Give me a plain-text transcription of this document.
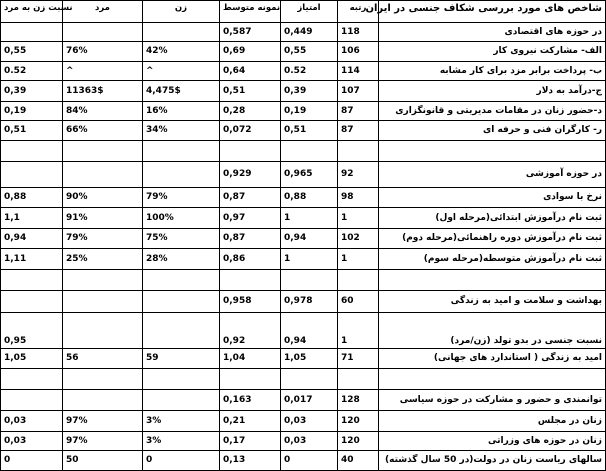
نسبت زن به مرد	مرد	زن	نمونه متوسط	امتیاز	رتبه	شاخص های مورد بررسی شکاف جنسی در ایران
			0,587	0,449	118	در حوزه های اقتصادی
0,55	76%	42%	0,69	0,55	106	الف- مشارکت نیروی کار
0.52	^	^	0,64	0.52	114	ب- پرداخت برابر مزد برای کار مشابه
0,39	11363$	4,475$	0,51	0,39	107	ج-درآمد به دلار
0,19	84%	16%	0,28	0,19	87	د-حضور زنان در مقامات مدیریتی و قانونگزاری
0,51	66%	34%	0,072	0,51	87	ر- کارگران فنی و حرفه ای

			0,929	0,965	92	در حوزه آموزشی
0,88	90%	79%	0,87	0,88	98	نرخ با سوادی
1,1	91%	100%	0,97	1	1	ثبت نام درآموزش ابتدائی(مرحله اول)
0,94	79%	75%	0,87	0,94	102	ثبت نام درآموزش دوره راهنمائی(مرحله دوم)
1,11	25%	28%	0,86	1	1	ثبت نام درآموزش متوسطه(مرحله سوم)

			0,958	0,978	60	بهداشت و سلامت و امید به زندگی
0,95			0,92	0,94	1	نسبت جنسی در بدو تولد (زن/مرد)
1,05	56	59	1,04	1,05	71	امید به زندگی ( استاندارد های جهانی)

			0,163	0,017	128	توانمندی و حضور و مشارکت در حوزه سیاسی
0,03	97%	3%	0,21	0,03	120	زنان در مجلس
0,03	97%	3%	0,17	0,03	120	زنان در حوزه های وزراتی
0	50	0	0,13	0	40	سالهای ریاست زنان در دولت(در 50 سال گذشته)
